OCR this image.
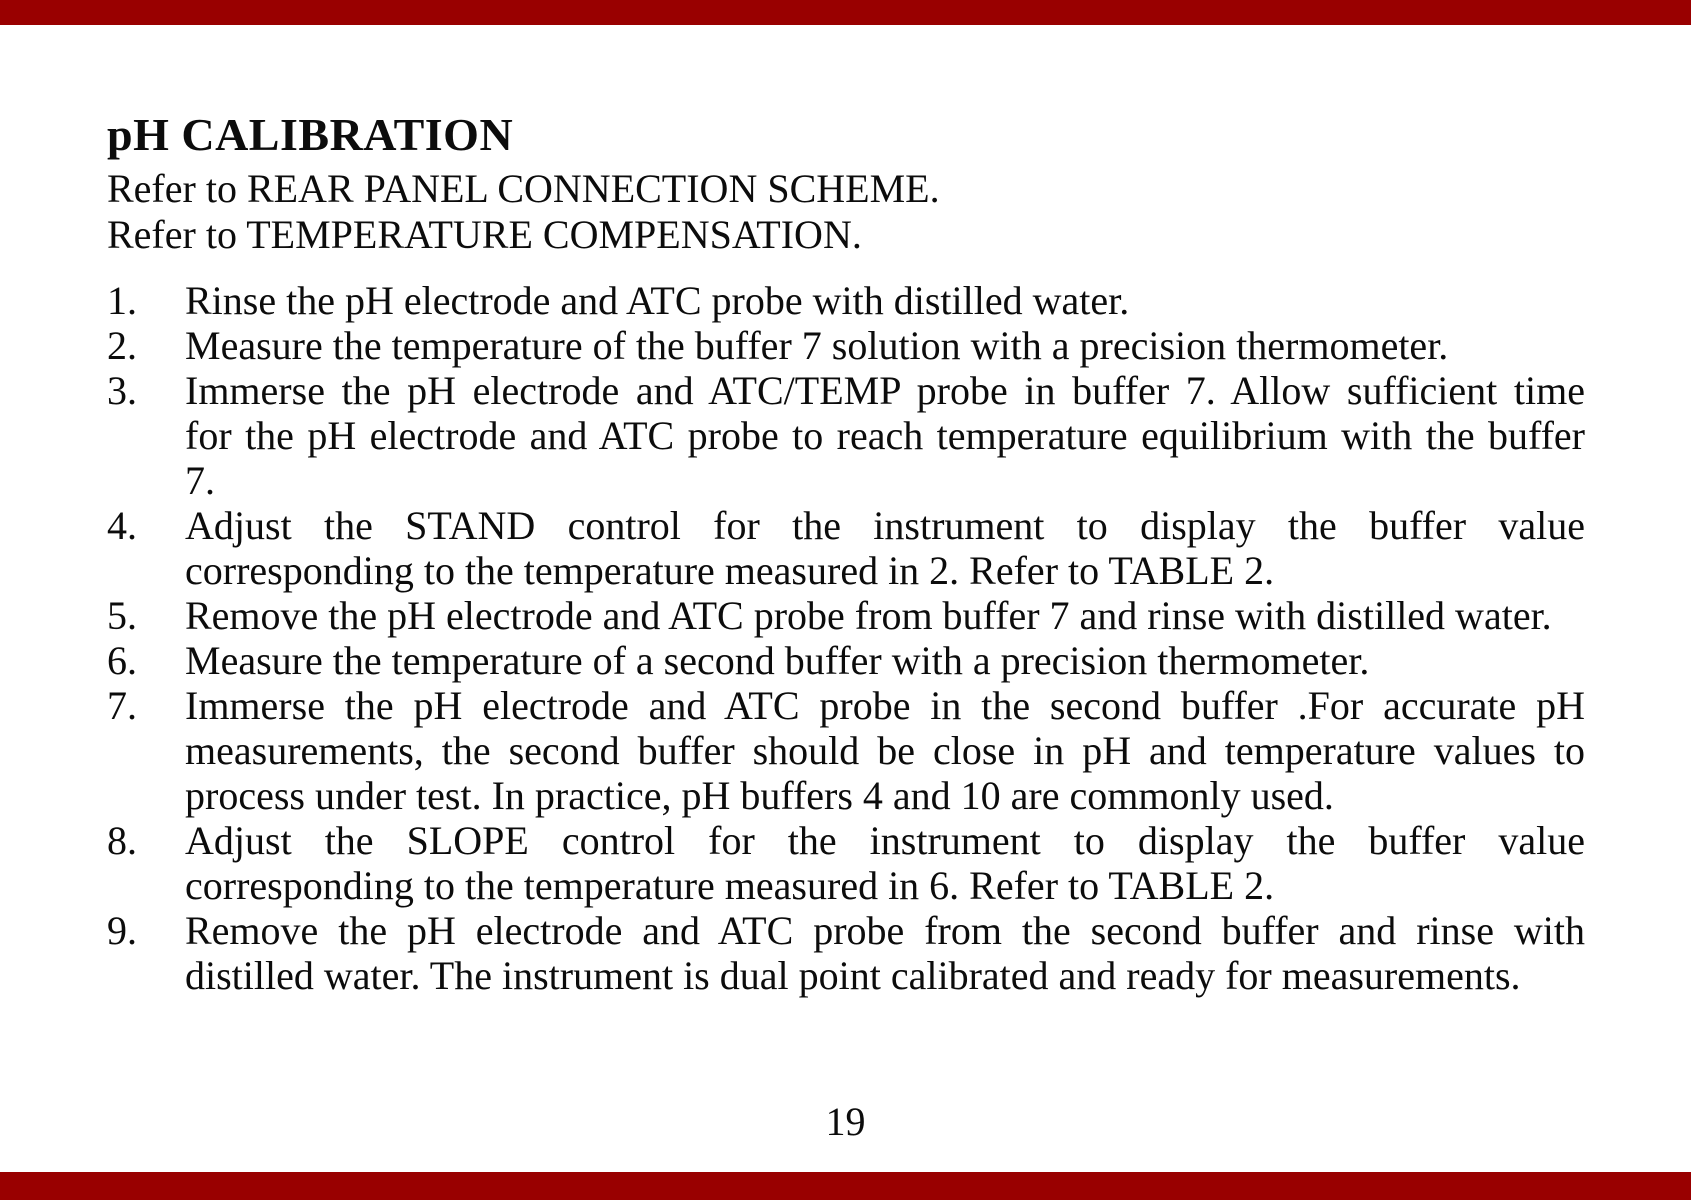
pH CALIBRATION
Refer to REAR PANEL CONNECTION SCHEME.
Refer to TEMPERATURE COMPENSATION.
1. Rinse the pH electrode and ATC probe with distilled water.
2. Measure the temperature of the buffer 7 solution with a precision thermometer.
3. Immerse the pH electrode and ATC/TEMP probe in buffer 7. Allow sufficient time
for the pH electrode and ATC probe to reach temperature equilibrium with the buffer
7.
4. Adjust the STAND control for the instrument to display the buffer value
corresponding to the temperature measured in 2. Refer to TABLE 2.
5. Remove the pH electrode and ATC probe from buffer 7 and rinse with distilled water.
6. Measure the temperature of a second buffer with a precision thermometer.
7. Immerse the pH electrode and ATC probe in the second buffer .For accurate pH
measurements, the second buffer should be close in pH and temperature values to
process under test. In practice, pH buffers 4 and 10 are commonly used.
8. Adjust the SLOPE control for the instrument to display the buffer value
corresponding to the temperature measured in 6. Refer to TABLE 2.
9. Remove the pH electrode and ATC probe from the second buffer and rinse with
distilled water. The instrument is dual point calibrated and ready for measurements.
19
